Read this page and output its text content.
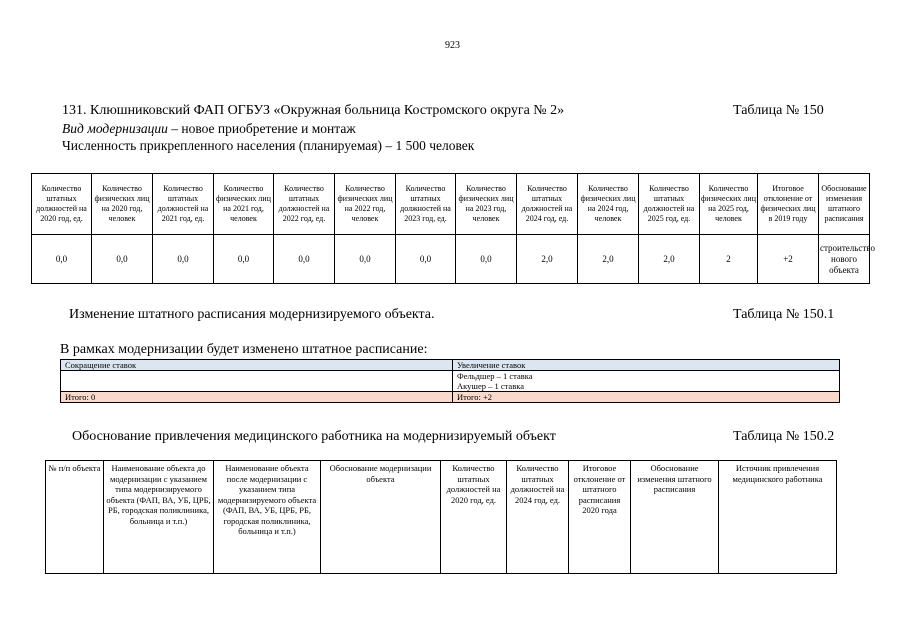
923
131. Клюшниковский ФАП ОГБУЗ «Окружная больница Костромского округа № 2»	Таблица № 150
Вид модернизации – новое приобретение и монтаж
Численность прикрепленного населения (планируемая) – 1 500 человек
Количество штатных должностей на 2020 год, ед.	Количество физических лиц на 2020 год, человек	Количество штатных должностей на 2021 год, ед.	Количество физических лиц на 2021 год, человек	Количество штатных должностей на 2022 год, ед.	Количество физических лиц на 2022 год, человек	Количество штатных должностей на 2023 год, ед.	Количество физических лиц на 2023 год, человек	Количество штатных должностей на 2024 год, ед.	Количество физических лиц на 2024 год, человек	Количество штатных должностей на 2025 год, ед.	Количество физических лиц на 2025 год, человек	Итоговое отклонение от физических лиц в 2019 году	Обоснование изменения штатного расписания
0,0	0,0	0,0	0,0	0,0	0,0	0,0	0,0	2,0	2,0	2,0	2	+2	строительство нового объекта
Изменение штатного расписания модернизируемого объекта.	Таблица № 150.1
В рамках модернизации будет изменено штатное расписание:
Сокращение ставок	Увеличение ставок
	Фельдшер – 1 ставка
	Акушер – 1 ставка
Итого: 0	Итого: +2
Обоснование привлечения медицинского работника на модернизируемый объект	Таблица № 150.2
№ п/п объекта	Наименование объекта до модернизации с указанием типа модернизируемого объекта (ФАП, ВА, УБ, ЦРБ, РБ, городская поликлиника, больница и т.п.)	Наименование объекта после модернизации с указанием типа модернизируемого объекта (ФАП, ВА, УБ, ЦРБ, РБ, городская поликлиника, больница и т.п.)	Обоснование модернизации объекта	Количество штатных должностей на 2020 год, ед.	Количество штатных должностей на 2024 год, ед.	Итоговое отклонение от штатного расписания 2020 года	Обоснование изменения штатного расписания	Источник привлечения медицинского работника
